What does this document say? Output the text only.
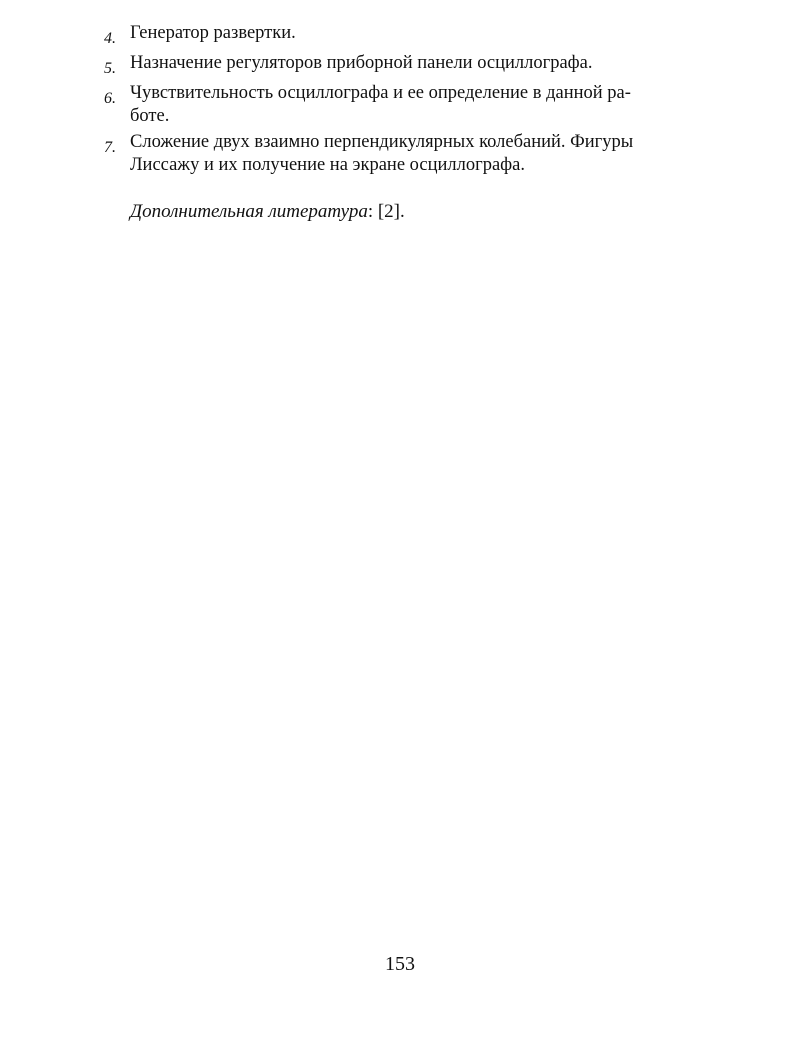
4. Генератор развертки.
5. Назначение регуляторов приборной панели осциллографа.
6. Чувствительность осциллографа и ее определение в данной ра-
боте.
7. Сложение двух взаимно перпендикулярных колебаний. Фигуры
Лиссажу и их получение на экране осциллографа.
Дополнительная литература: [2].
153
